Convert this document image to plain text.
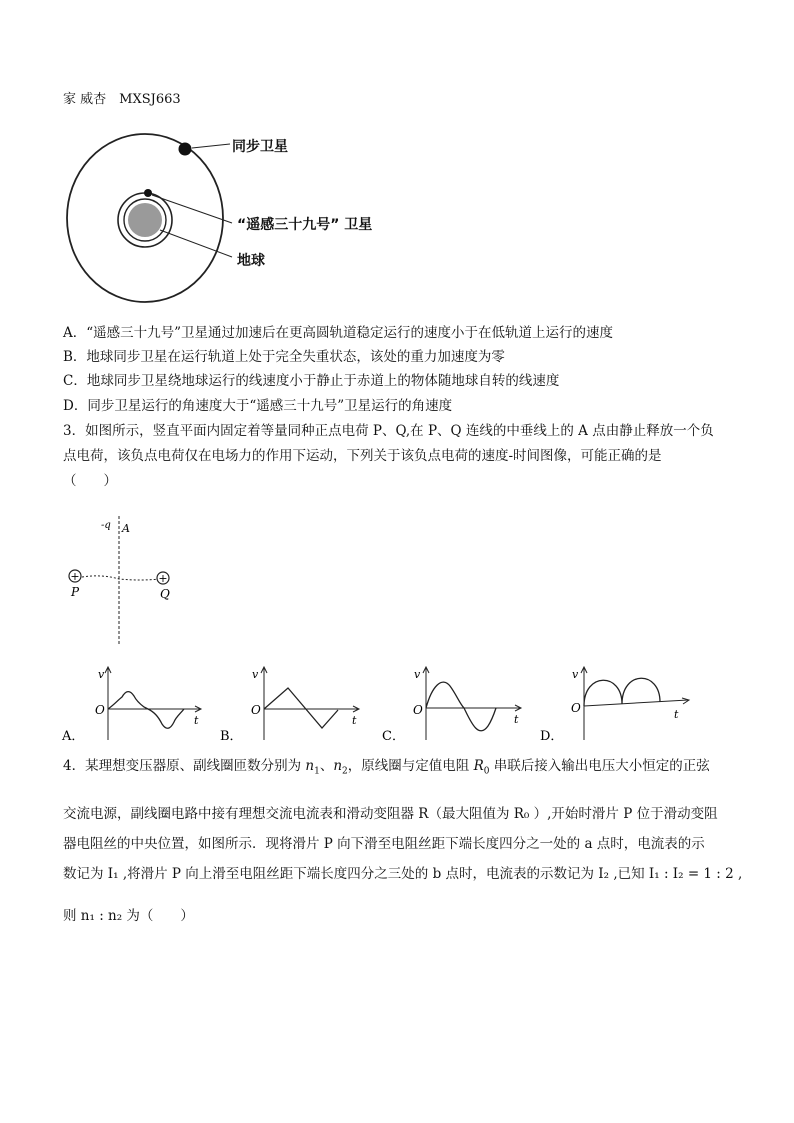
家 威杏　MXSJ663
同步卫星
“遥感三十九号” 卫星
地球
A．“遥感三十九号”卫星通过加速后在更高圆轨道稳定运行的速度小于在低轨道上运行的速度
B．地球同步卫星在运行轨道上处于完全失重状态，该处的重力加速度为零
C．地球同步卫星绕地球运行的线速度小于静止于赤道上的物体随地球自转的线速度
D．同步卫星运行的角速度大于“遥感三十九号”卫星运行的角速度
3．如图所示，竖直平面内固定着等量同种正点电荷 P、Q,在 P、Q 连线的中垂线上的 A 点由静止释放一个负
点电荷，该负点电荷仅在电场力的作用下运动，下列关于该负点电荷的速度-时间图像，可能正确的是
（　　）
+	+
-q A
P	Q
v
O
t
A．
v
O
t
B．
v
O
t
C．
v
O	t
D．
4．某理想变压器原、副线圈匝数分别为 $n_1$、$n_2$，原线圈与定值电阻 $R_0$ 串联后接入输出电压大小恒定的正弦
交流电源，副线圈电路中接有理想交流电流表和滑动变阻器 R（最大阻值为 R₀ ）,开始时滑片 P 位于滑动变阻
器电阻丝的中央位置，如图所示．现将滑片 P 向下滑至电阻丝距下端长度四分之一处的 a 点时，电流表的示
数记为 I₁ ,将滑片 P 向上滑至电阻丝距下端长度四分之三处的 b 点时，电流表的示数记为 I₂ ,已知 I₁ : I₂ = 1 : 2 ,
则 n₁ : n₂ 为（　　）
